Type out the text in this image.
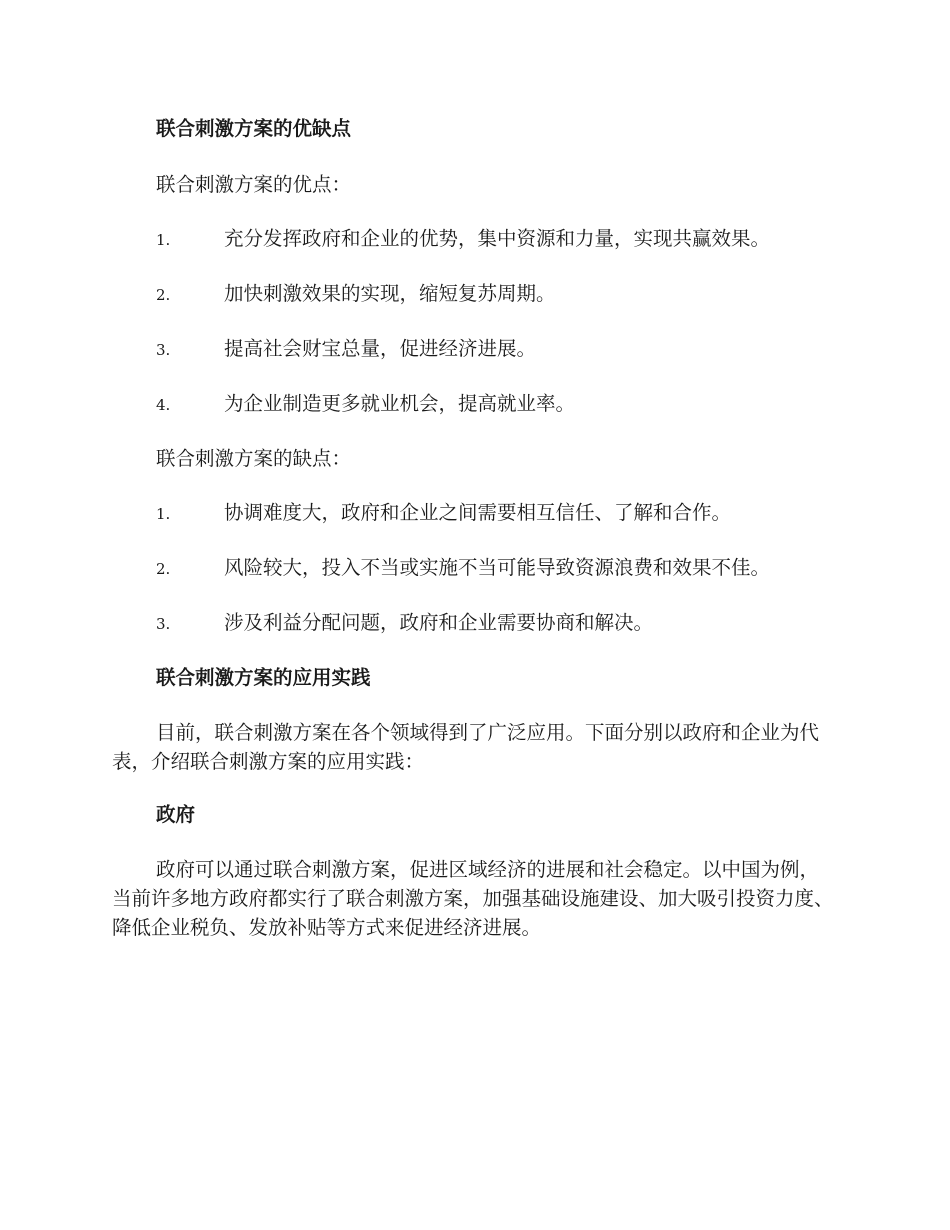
联合刺激方案的优缺点

联合刺激方案的优点：

1.	充分发挥政府和企业的优势，集中资源和力量，实现共赢效果。
2.	加快刺激效果的实现，缩短复苏周期。
3.	提高社会财宝总量，促进经济进展。
4.	为企业制造更多就业机会，提高就业率。

联合刺激方案的缺点：

1.	协调难度大，政府和企业之间需要相互信任、了解和合作。
2.	风险较大，投入不当或实施不当可能导致资源浪费和效果不佳。
3.	涉及利益分配问题，政府和企业需要协商和解决。
联合刺激方案的应用实践

目前，联合刺激方案在各个领域得到了广泛应用。下面分别以政府和企业为代表，介绍联合刺激方案的应用实践：

政府

政府可以通过联合刺激方案，促进区域经济的进展和社会稳定。以中国为例，当前许多地方政府都实行了联合刺激方案，加强基础设施建设、加大吸引投资力度、降低企业税负、发放补贴等方式来促进经济进展。
